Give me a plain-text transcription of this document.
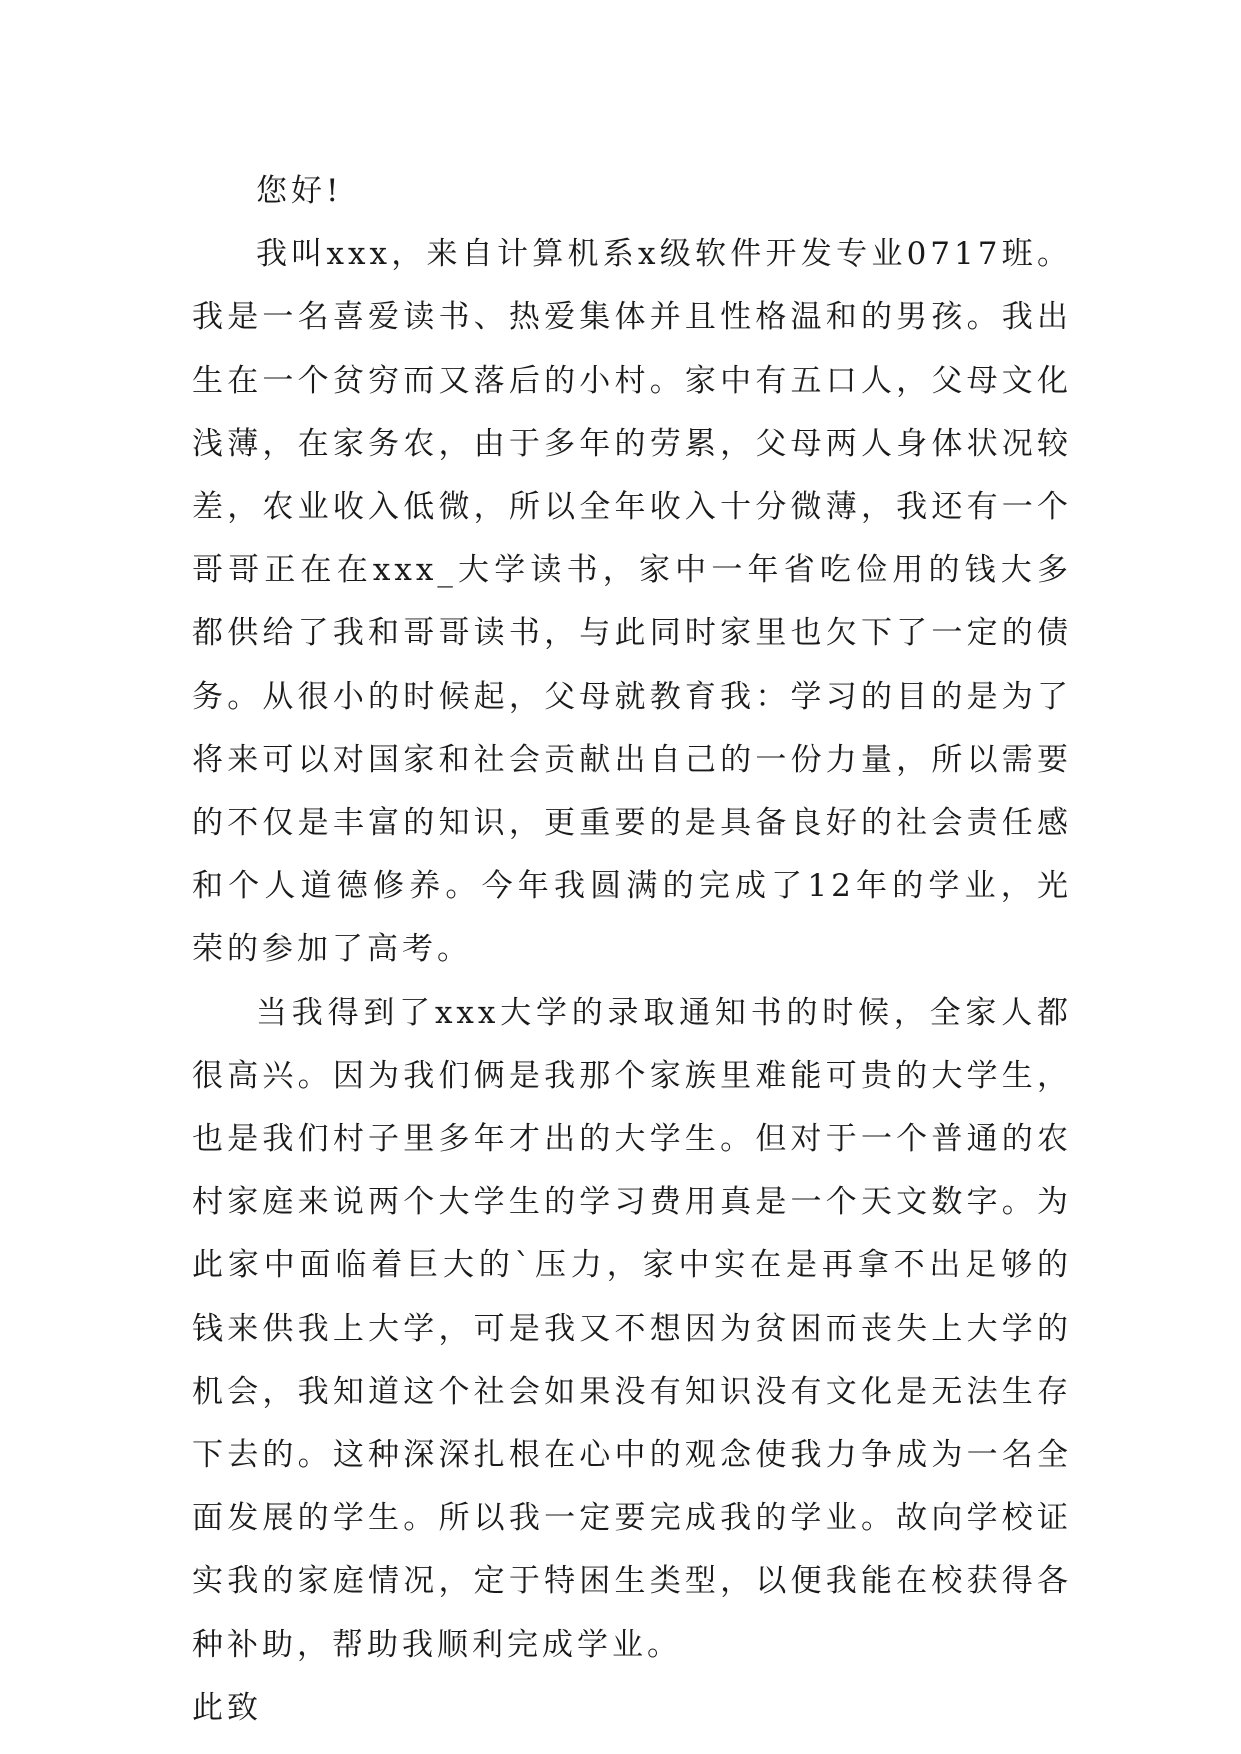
您好!

我叫xxx，来自计算机系x级软件开发专业0717班。我是一名喜爱读书、热爱集体并且性格温和的男孩。我出生在一个贫穷而又落后的小村。家中有五口人，父母文化浅薄，在家务农，由于多年的劳累，父母两人身体状况较差，农业收入低微，所以全年收入十分微薄，我还有一个哥哥正在在xxx_大学读书，家中一年省吃俭用的钱大多都供给了我和哥哥读书，与此同时家里也欠下了一定的债务。从很小的时候起，父母就教育我：学习的目的是为了将来可以对国家和社会贡献出自己的一份力量，所以需要的不仅是丰富的知识，更重要的是具备良好的社会责任感和个人道德修养。今年我圆满的完成了12年的学业，光荣的参加了高考。

当我得到了xxx大学的录取通知书的时候，全家人都很高兴。因为我们俩是我那个家族里难能可贵的大学生，也是我们村子里多年才出的大学生。但对于一个普通的农村家庭来说两个大学生的学习费用真是一个天文数字。为此家中面临着巨大的`压力，家中实在是再拿不出足够的钱来供我上大学，可是我又不想因为贫困而丧失上大学的机会，我知道这个社会如果没有知识没有文化是无法生存下去的。这种深深扎根在心中的观念使我力争成为一名全面发展的学生。所以我一定要完成我的学业。故向学校证实我的家庭情况，定于特困生类型，以便我能在校获得各种补助，帮助我顺利完成学业。

此致
